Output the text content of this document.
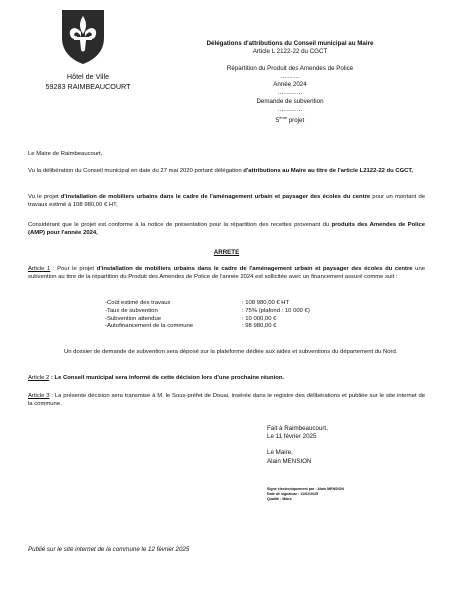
Hôtel de Ville
59283 RAIMBEAUCOURT
Délégations d'attributions du Conseil municipal au Maire
Article L 2122-22 du CGCT
Répartition du Produit des Amendes de Police
………
Année 2024
…………
Demande de subvention
…………
5ème projet
Le Maire de Raimbeaucourt,
Vu la délibération du Conseil municipal en date du 27 mai 2020 portant délégation d'attributions au Maire au titre de l'article L2122-22 du CGCT,
Vu le projet d'installation de mobiliers urbains dans le cadre de l'aménagement urbain et paysager des écoles du centre pour un montant de travaux estimé à 108 980,00 € HT,
Considérant que le projet est conforme à la notice de présentation pour la répartition des recettes provenant du produits des Amendes de Police (AMP) pour l'année 2024,
ARRETE
Article 1 : Pour le projet d'installation de mobiliers urbains dans le cadre de l'aménagement urbain et paysager des écoles du centre une subvention au titre de la répartition du Produit des Amendes de Police de l'année 2024 est sollicitée avec un financement assuré comme suit :
-Coût estimé des travaux	: 108 980,00 € HT
-Taux de subvention	: 75% (plafond : 10 000 €)
-Subvention attendue	: 10 000,00 €
-Autofinancement de la commune	: 98 980,00 €
Un dossier de demande de subvention sera déposé sur la plateforme dédiée aux aides et subventions du département du Nord.
Article 2 : Le Conseil municipal sera informé de cette décision lors d'une prochaine réunion.
Article 3 : La présente décision sera transmise à M. le Sous-préfet de Douai, insérée dans le registre des délibérations et publiée sur le site internet de la commune.
Fait à Raimbeaucourt,
Le 11 février 2025
Le Maire,
Alain MENSION
Signé électroniquement par : Alain MENSION
Date de signature : 11/02/2025
Qualité : Maire
Publié sur le site internet de la commune le 12 février 2025
